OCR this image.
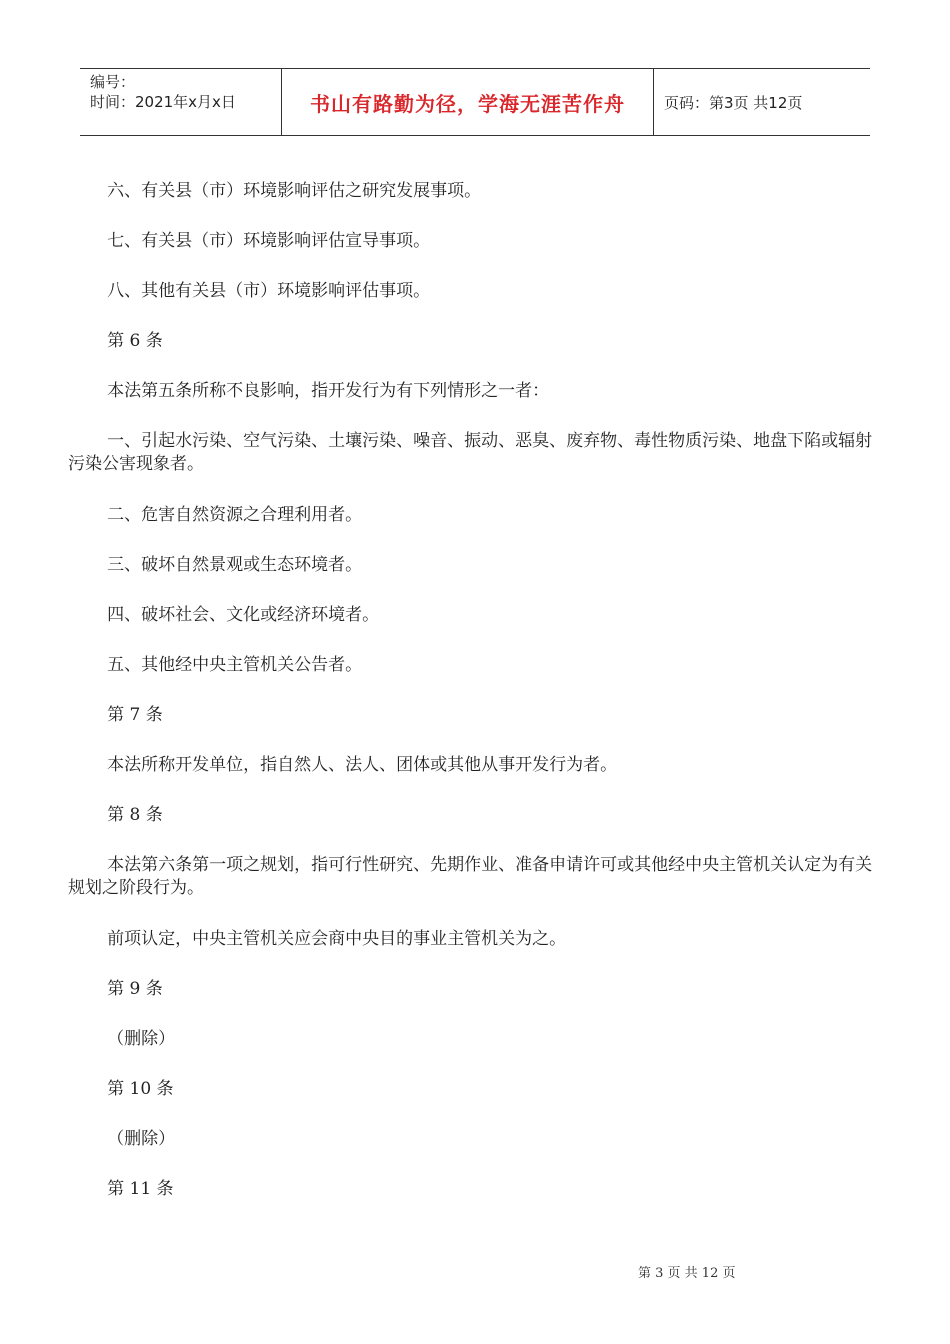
编号：
时间：2021年x月x日	书山有路勤为径，学海无涯苦作舟	页码：第3页 共12页

六、有关县（市）环境影响评估之研究发展事项。

七、有关县（市）环境影响评估宣导事项。

八、其他有关县（市）环境影响评估事项。

第 6 条

本法第五条所称不良影响，指开发行为有下列情形之一者：

一、引起水污染、空气污染、土壤污染、噪音、振动、恶臭、废弃物、毒性物质污染、地盘下陷或辐射污染公害现象者。

二、危害自然资源之合理利用者。

三、破坏自然景观或生态环境者。

四、破坏社会、文化或经济环境者。

五、其他经中央主管机关公告者。

第 7 条

本法所称开发单位，指自然人、法人、团体或其他从事开发行为者。

第 8 条

本法第六条第一项之规划，指可行性研究、先期作业、准备申请许可或其他经中央主管机关认定为有关规划之阶段行为。

前项认定，中央主管机关应会商中央目的事业主管机关为之。

第 9 条

（删除）

第 10 条

（删除）

第 11 条

第 3 页 共 12 页
